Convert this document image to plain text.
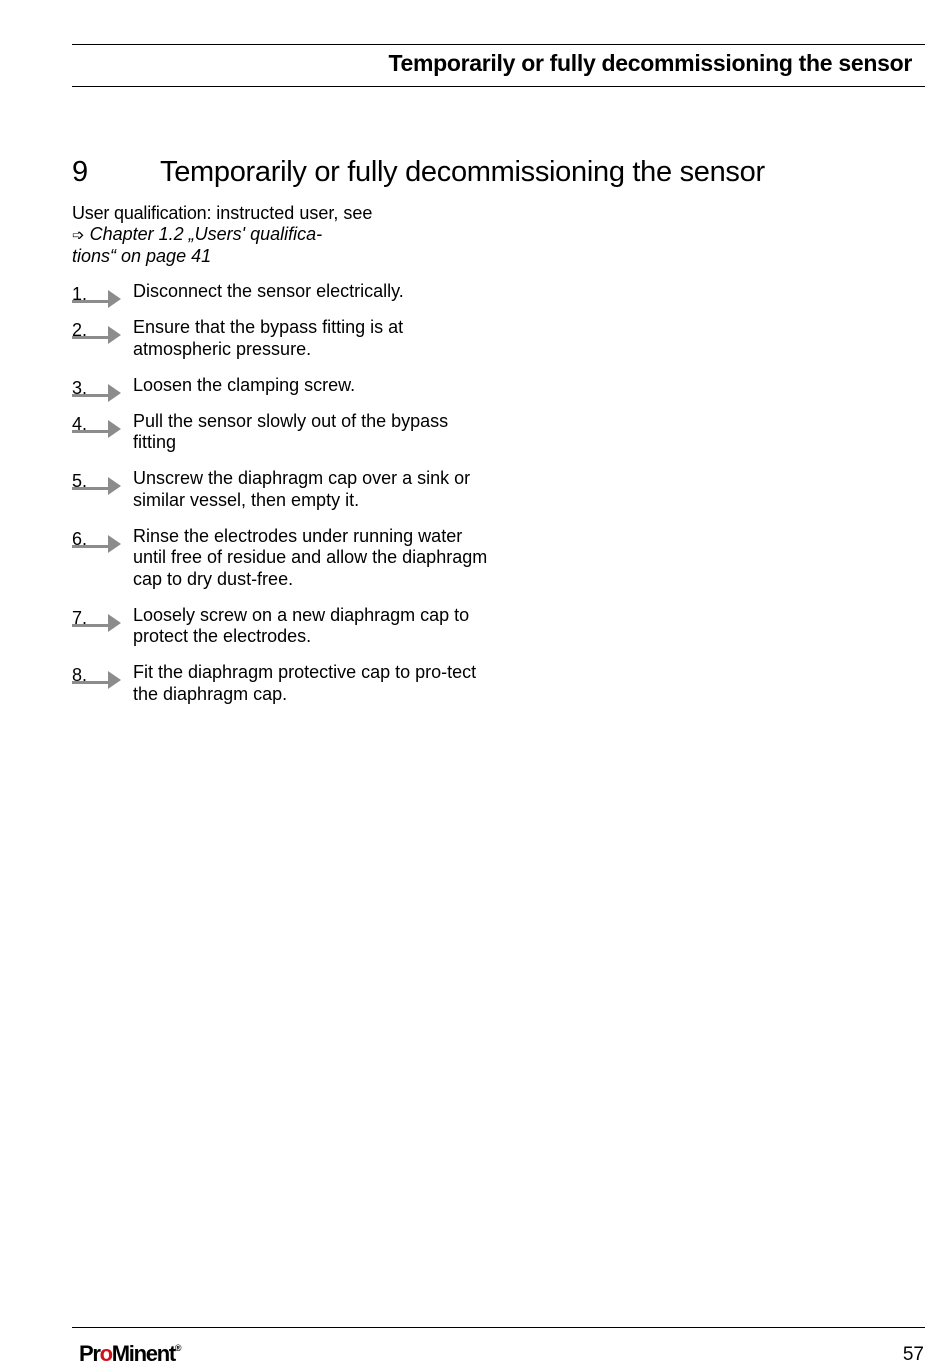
Temporarily or fully decommissioning the sensor
9 Temporarily or fully decommissioning the sensor
User qualification: instructed user, see
➩ Chapter 1.2 „Users' qualifica-
tions“ on page 41
1.	Disconnect the sensor electrically.
2.	Ensure that the bypass fitting is at atmospheric pressure.
3.	Loosen the clamping screw.
4.	Pull the sensor slowly out of the bypass fitting
5.	Unscrew the diaphragm cap over a sink or similar vessel, then empty it.
6.	Rinse the electrodes under running water until free of residue and allow the diaphragm cap to dry dust-free.
7.	Loosely screw on a new diaphragm cap to protect the electrodes.
8.	Fit the diaphragm protective cap to pro-tect the diaphragm cap.
ProMinent®	57
